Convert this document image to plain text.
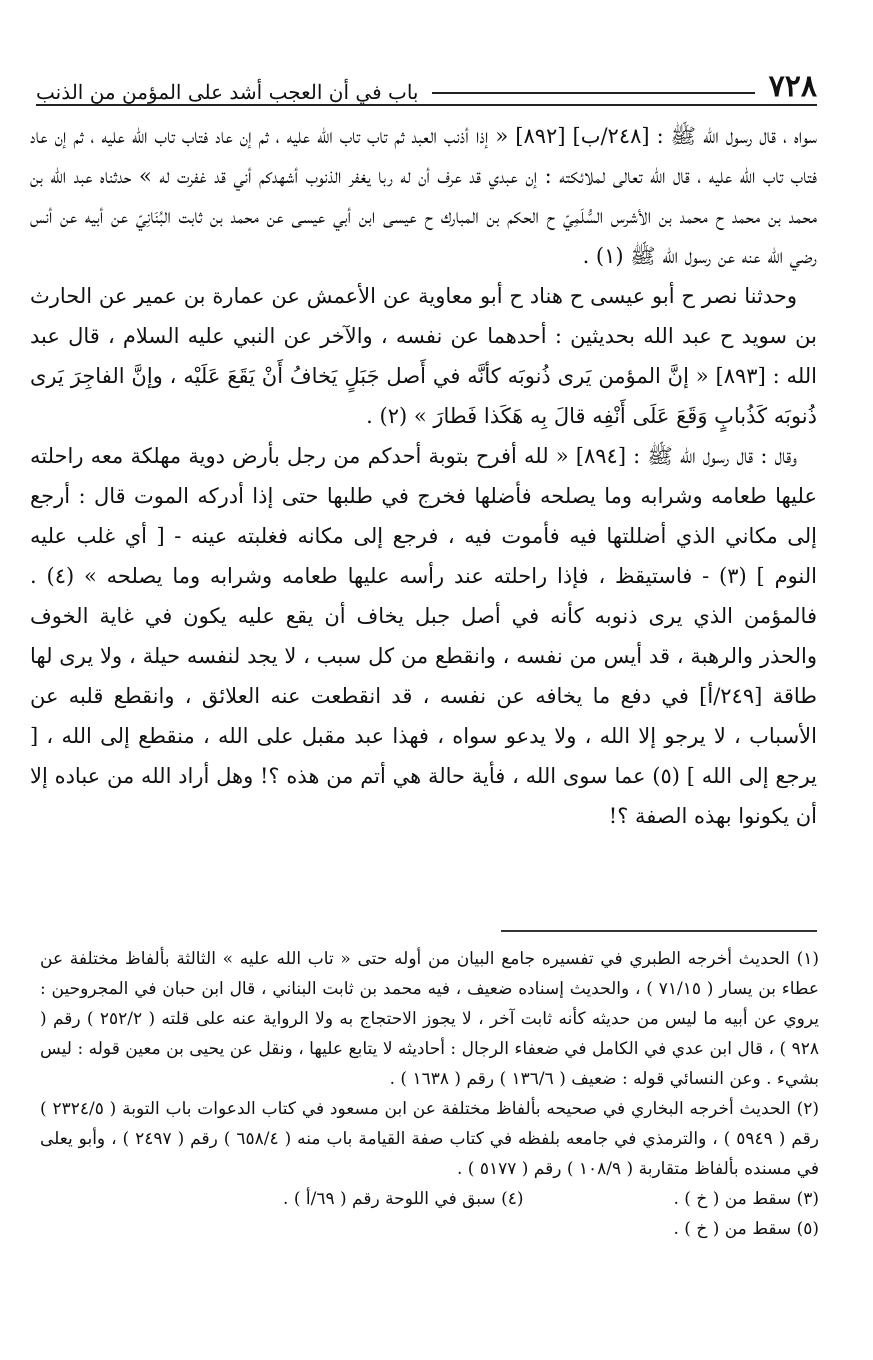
٧٢٨
باب في أن العجب أشد على المؤمن من الذنب

سواه ، قال رسول الله ﷺ : [٢٤٨/ب] [٨٩٢] « إذا أذنب العبد ثم تاب تاب الله عليه ، ثم إن عاد فتاب تاب الله عليه ، ثم إن عاد فتاب تاب الله عليه ، قال الله تعالى لملائكته : إن عبدي قد عرف أن له ربا يغفر الذنوب أشهدكم أني قد غفرت له » حدثناه عبد الله بن محمد بن محمد ح محمد بن الأشرس السُّلَمِيّ ح الحكم بن المبارك ح عيسى ابن أبي عيسى عن محمد بن ثابت البُنَانِيّ عن أبيه عن أنس رضي الله عنه عن رسول الله ﷺ (١) .

وحدثنا نصر ح أبو عيسى ح هناد ح أبو معاوية عن الأعمش عن عمارة بن عمير عن الحارث بن سويد ح عبد الله بحديثين : أحدهما عن نفسه ، والآخر عن النبي عليه السلام ، قال عبد الله : [٨٩٣] « إنَّ المؤمن يَرى ذُنوبَه كأنَّه في أَصل جَبَلٍ يَخافُ أَنْ يَقَعَ عَلَيْه ، وإنَّ الفاجِرَ يَرى ذُنوبَه كَذُبابٍ وَقَعَ عَلَى أَنْفِه قالَ بِه هَكَذا فَطارَ » (٢) .

وقال : قال رسول الله ﷺ : [٨٩٤] « لله أفرح بتوبة أحدكم من رجل بأرض دوية مهلكة معه راحلته عليها طعامه وشرابه وما يصلحه فأضلها فخرج في طلبها حتى إذا أدركه الموت قال : أرجع إلى مكاني الذي أضللتها فيه فأموت فيه ، فرجع إلى مكانه فغلبته عينه - [ أي غلب عليه النوم ] (٣) - فاستيقظ ، فإذا راحلته عند رأسه عليها طعامه وشرابه وما يصلحه » (٤) . فالمؤمن الذي يرى ذنوبه كأنه في أصل جبل يخاف أن يقع عليه يكون في غاية الخوف والحذر والرهبة ، قد أيس من نفسه ، وانقطع من كل سبب ، لا يجد لنفسه حيلة ، ولا يرى لها طاقة [٢٤٩/أ] في دفع ما يخافه عن نفسه ، قد انقطعت عنه العلائق ، وانقطع قلبه عن الأسباب ، لا يرجو إلا الله ، ولا يدعو سواه ، فهذا عبد مقبل على الله ، منقطع إلى الله ، [ يرجع إلى الله ] (٥) عما سوى الله ، فأية حالة هي أتم من هذه ؟! وهل أراد الله من عباده إلا أن يكونوا بهذه الصفة ؟!

(١) الحديث أخرجه الطبري في تفسيره جامع البيان من أوله حتى « تاب الله عليه » الثالثة بألفاظ مختلفة عن عطاء بن يسار ( ٧١/١٥ ) ، والحديث إسناده ضعيف ، فيه محمد بن ثابت البناني ، قال ابن حبان في المجروحين : يروي عن أبيه ما ليس من حديثه كأنه ثابت آخر ، لا يجوز الاحتجاج به ولا الرواية عنه على قلته ( ٢٥٢/٢ ) رقم ( ٩٢٨ ) ، قال ابن عدي في الكامل في ضعفاء الرجال : أحاديثه لا يتابع عليها ، ونقل عن يحيى بن معين قوله : ليس بشيء . وعن النسائي قوله : ضعيف ( ١٣٦/٦ ) رقم ( ١٦٣٨ ) .

(٢) الحديث أخرجه البخاري في صحيحه بألفاظ مختلفة عن ابن مسعود في كتاب الدعوات باب التوبة ( ٢٣٢٤/٥ ) رقم ( ٥٩٤٩ ) ، والترمذي في جامعه بلفظه في كتاب صفة القيامة باب منه ( ٦٥٨/٤ ) رقم ( ٢٤٩٧ ) ، وأبو يعلى في مسنده بألفاظ متقاربة ( ١٠٨/٩ ) رقم ( ٥١٧٧ ) .

(٣) سقط من ( خ ) .
(٤) سبق في اللوحة رقم ( ٦٩/أ ) .

(٥) سقط من ( خ ) .
